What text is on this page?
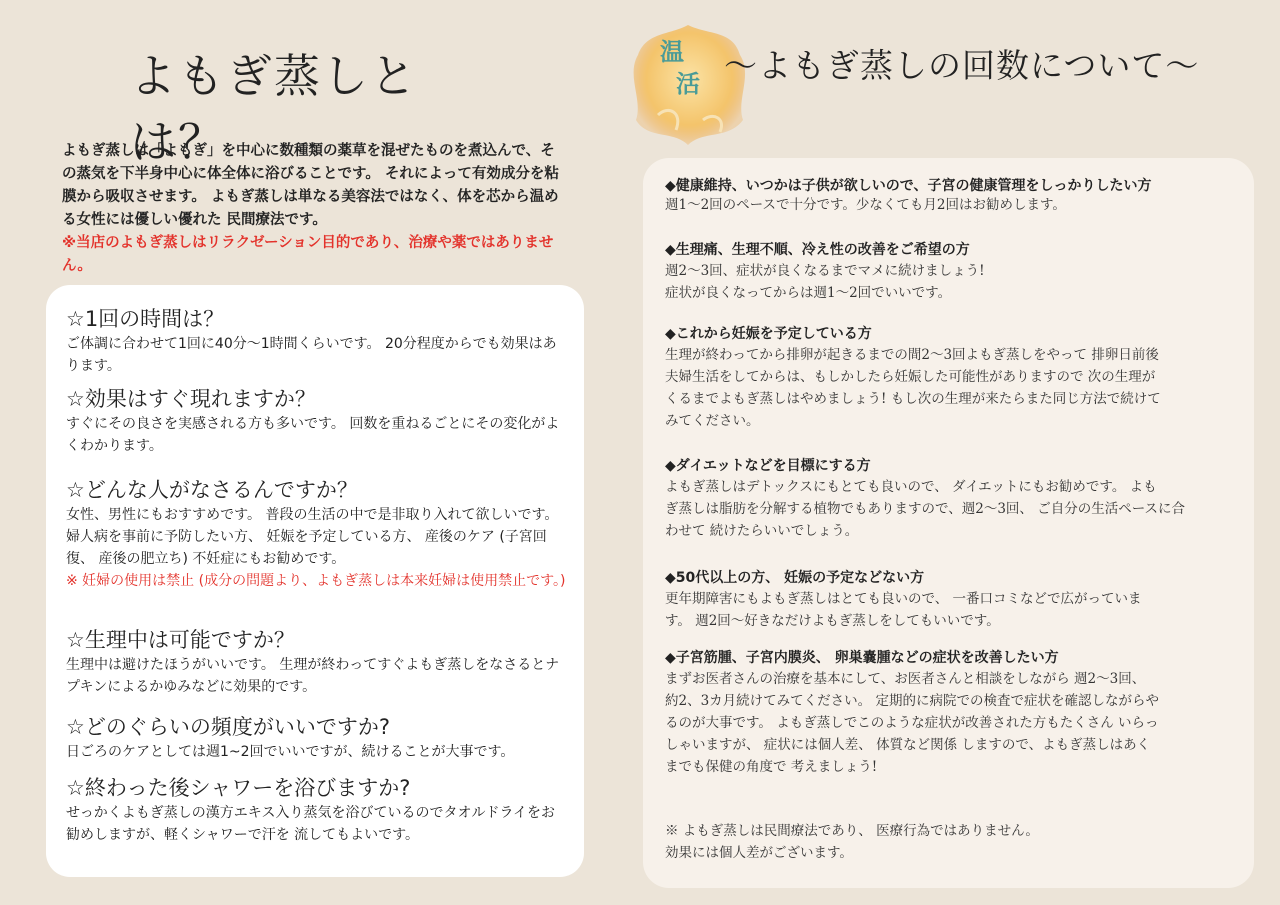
よもぎ蒸しとは？
よもぎ蒸しは「よもぎ」を中心に数種類の薬草を混ぜたものを煮込んで、その蒸気を下半身中心に体全体に浴びることです。 それによって有効成分を粘膜から吸収させます。 よもぎ蒸しは単なる美容法ではなく、体を芯から温める女性には優しい優れた 民間療法です。
※当店のよもぎ蒸しはリラクゼーション目的であり、治療や薬ではありません。
☆1回の時間は？

ご体調に合わせて1回に40分～1時間くらいです。 20分程度からでも効果はあります。

☆効果はすぐ現れますか？

すぐにその良さを実感される方も多いです。 回数を重ねるごとにその変化がよくわかります。

☆どんな人がなさるんですか？

女性、男性にもおすすめです。 普段の生活の中で是非取り入れて欲しいです。 婦人病を事前に予防したい方、 妊娠を予定している方、 産後のケア (子宮回復、 産後の肥立ち) 不妊症にもお勧めです。

※ 妊婦の使用は禁止 (成分の問題より、よもぎ蒸しは本来妊婦は使用禁止です。)

☆生理中は可能ですか？

生理中は避けたほうがいいです。 生理が終わってすぐよもぎ蒸しをなさるとナプキンによるかゆみなどに効果的です。

☆どのぐらいの頻度がいいですか?

日ごろのケアとしては週1~2回でいいですが、続けることが大事です。

☆終わった後シャワーを浴びますか?

せっかくよもぎ蒸しの漢方エキス入り蒸気を浴びているのでタオルドライをお勧めしますが、軽くシャワーで汗を 流してもよいです。

温
活 ～よもぎ蒸しの回数について～
◆健康維持、いつかは子供が欲しいので、子宮の健康管理をしっかりしたい方

週1～2回のペースで十分です。少なくても月2回はお勧めします。

◆生理痛、生理不順、冷え性の改善をご希望の方

週2～3回、症状が良くなるまでマメに続けましょう!

症状が良くなってからは週1～2回でいいです。

◆これから妊娠を予定している方

生理が終わってから排卵が起きるまでの間2～3回よもぎ蒸しをやって 排卵日前後

夫婦生活をしてからは、もしかしたら妊娠した可能性がありますので 次の生理が

くるまでよもぎ蒸しはやめましょう! もし次の生理が来たらまた同じ方法で続けて

みてください。

◆ダイエットなどを目標にする方

よもぎ蒸しはデトックスにもとても良いので、 ダイエットにもお勧めです。 よも

ぎ蒸しは脂肪を分解する植物でもありますので、週2～3回、 ご自分の生活ペースに合

わせて 続けたらいいでしょう。

◆50代以上の方、 妊娠の予定などない方

更年期障害にもよもぎ蒸しはとても良いので、 一番口コミなどで広がっていま

す。 週2回～好きなだけよもぎ蒸しをしてもいいです。

◆子宮筋腫、子宮内膜炎、 卵巣嚢腫などの症状を改善したい方

まずお医者さんの治療を基本にして、お医者さんと相談をしながら 週2～3回、

約2、3カ月続けてみてください。 定期的に病院での検査で症状を確認しながらや

るのが大事です。 よもぎ蒸しでこのような症状が改善された方もたくさん いらっ

しゃいますが、 症状には個人差、 体質など関係 しますので、よもぎ蒸しはあく

までも保健の角度で 考えましょう!

※ よもぎ蒸しは民間療法であり、 医療行為ではありません。
効果には個人差がございます。
